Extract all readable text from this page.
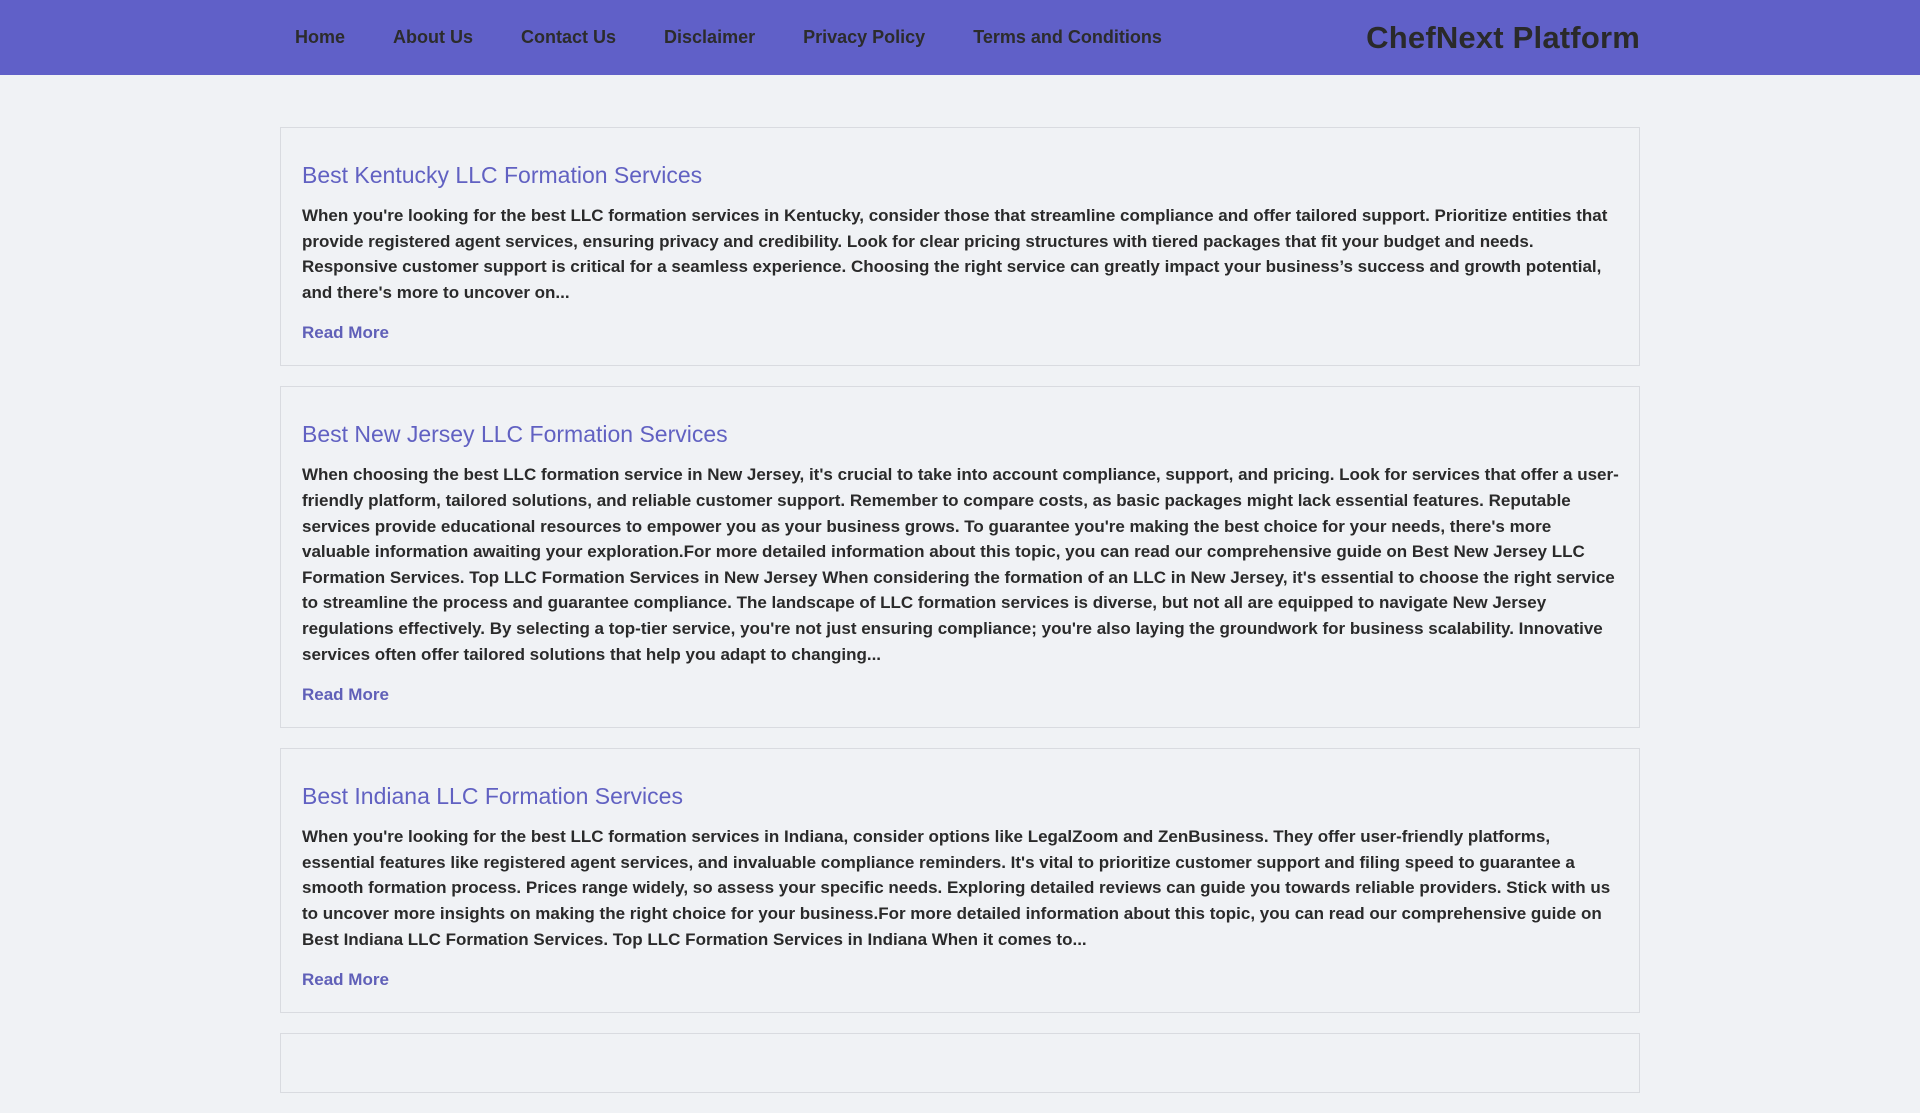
Home	About Us	Contact Us	Disclaimer	Privacy Policy	Terms and Conditions	ChefNext Platform
Best Kentucky LLC Formation Services

When you're looking for the best LLC formation services in Kentucky, consider those that streamline compliance and offer tailored support. Prioritize entities that provide registered agent services, ensuring privacy and credibility. Look for clear pricing structures with tiered packages that fit your budget and needs. Responsive customer support is critical for a seamless experience. Choosing the right service can greatly impact your business’s success and growth potential, and there's more to uncover on...

Read More
Best New Jersey LLC Formation Services

When choosing the best LLC formation service in New Jersey, it's crucial to take into account compliance, support, and pricing. Look for services that offer a user-friendly platform, tailored solutions, and reliable customer support. Remember to compare costs, as basic packages might lack essential features. Reputable services provide educational resources to empower you as your business grows. To guarantee you're making the best choice for your needs, there's more valuable information awaiting your exploration.For more detailed information about this topic, you can read our comprehensive guide on Best New Jersey LLC Formation Services. Top LLC Formation Services in New Jersey When considering the formation of an LLC in New Jersey, it's essential to choose the right service to streamline the process and guarantee compliance. The landscape of LLC formation services is diverse, but not all are equipped to navigate New Jersey regulations effectively. By selecting a top-tier service, you're not just ensuring compliance; you're also laying the groundwork for business scalability. Innovative services often offer tailored solutions that help you adapt to changing...

Read More
Best Indiana LLC Formation Services

When you're looking for the best LLC formation services in Indiana, consider options like LegalZoom and ZenBusiness. They offer user-friendly platforms, essential features like registered agent services, and invaluable compliance reminders. It's vital to prioritize customer support and filing speed to guarantee a smooth formation process. Prices range widely, so assess your specific needs. Exploring detailed reviews can guide you towards reliable providers. Stick with us to uncover more insights on making the right choice for your business.For more detailed information about this topic, you can read our comprehensive guide on Best Indiana LLC Formation Services. Top LLC Formation Services in Indiana When it comes to...

Read More
